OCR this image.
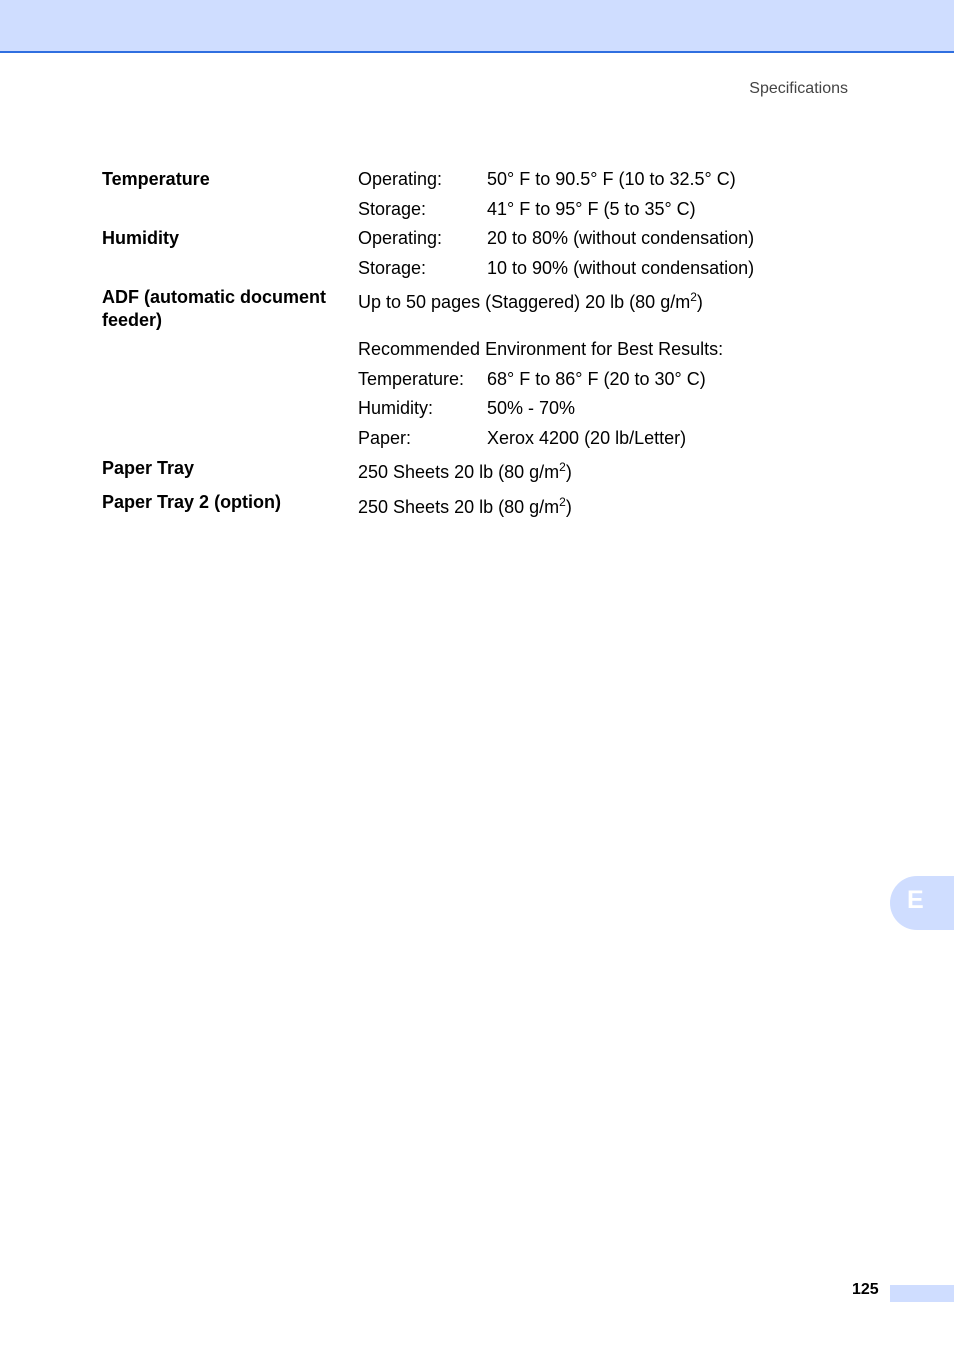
Specifications
Temperature	Operating: 50° F to 90.5° F (10 to 32.5° C)
Storage:	41° F to 95° F (5 to 35° C)
Humidity	Operating: 20 to 80% (without condensation)
Storage:	10 to 90% (without condensation)
ADF (automatic document
feeder)
Up to 50 pages (Staggered) 20 lb (80 $g/m^2$)
Recommended Environment for Best Results:
Temperature: 68° F to 86° F (20 to 30° C)
Humidity:	50% - 70%
Paper:	Xerox 4200 (20 lb/Letter)
Paper Tray	250 Sheets 20 lb (80 $g/m^2$)
Paper Tray 2 (option)	250 Sheets 20 lb (80 $g/m^2$)
E
125
